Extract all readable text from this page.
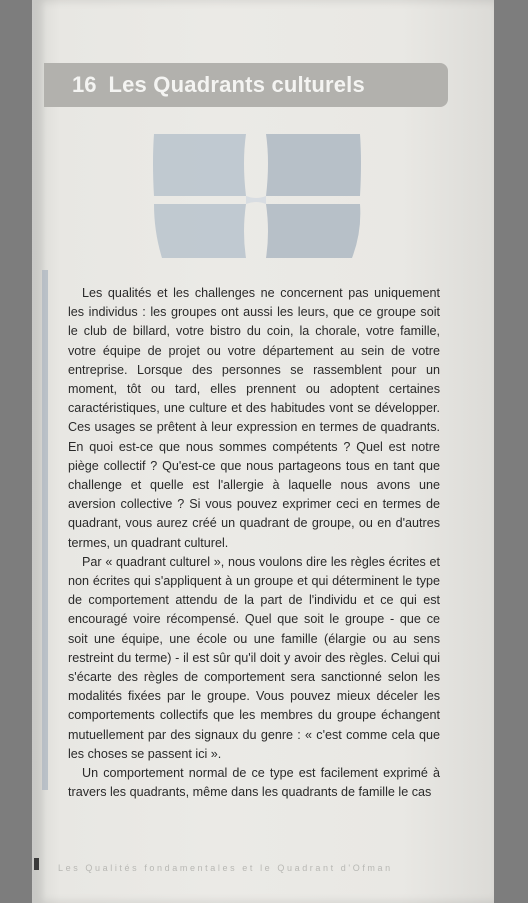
16 Les Quadrants culturels

Les qualités et les challenges ne concernent pas uniquement les individus : les groupes ont aussi les leurs, que ce groupe soit le club de billard, votre bistro du coin, la chorale, votre famille, votre équipe de projet ou votre département au sein de votre entreprise. Lorsque des personnes se rassemblent pour un moment, tôt ou tard, elles prennent ou adoptent certaines caractéristiques, une culture et des habitudes vont se développer. Ces usages se prêtent à leur expression en termes de quadrants. En quoi est-ce que nous sommes compétents ? Quel est notre piège collectif ? Qu'est-ce que nous partageons tous en tant que challenge et quelle est l'allergie à laquelle nous avons une aversion collective ? Si vous pouvez exprimer ceci en termes de quadrant, vous aurez créé un quadrant de groupe, ou en d'autres termes, un quadrant culturel.

Par « quadrant culturel », nous voulons dire les règles écrites et non écrites qui s'appliquent à un groupe et qui déterminent le type de comportement attendu de la part de l'individu et ce qui est encouragé voire récompensé. Quel que soit le groupe - que ce soit une équipe, une école ou une famille (élargie ou au sens restreint du terme) - il est sûr qu'il doit y avoir des règles. Celui qui s'écarte des règles de comportement sera sanctionné selon les modalités fixées par le groupe. Vous pouvez mieux déceler les comportements collectifs que les membres du groupe échangent mutuellement par des signaux du genre : « c'est comme cela que les choses se passent ici ».

Un comportement normal de ce type est facilement exprimé à travers les quadrants, même dans les quadrants de famille le cas

Les Qualités fondamentales et le Quadrant d'Ofman
